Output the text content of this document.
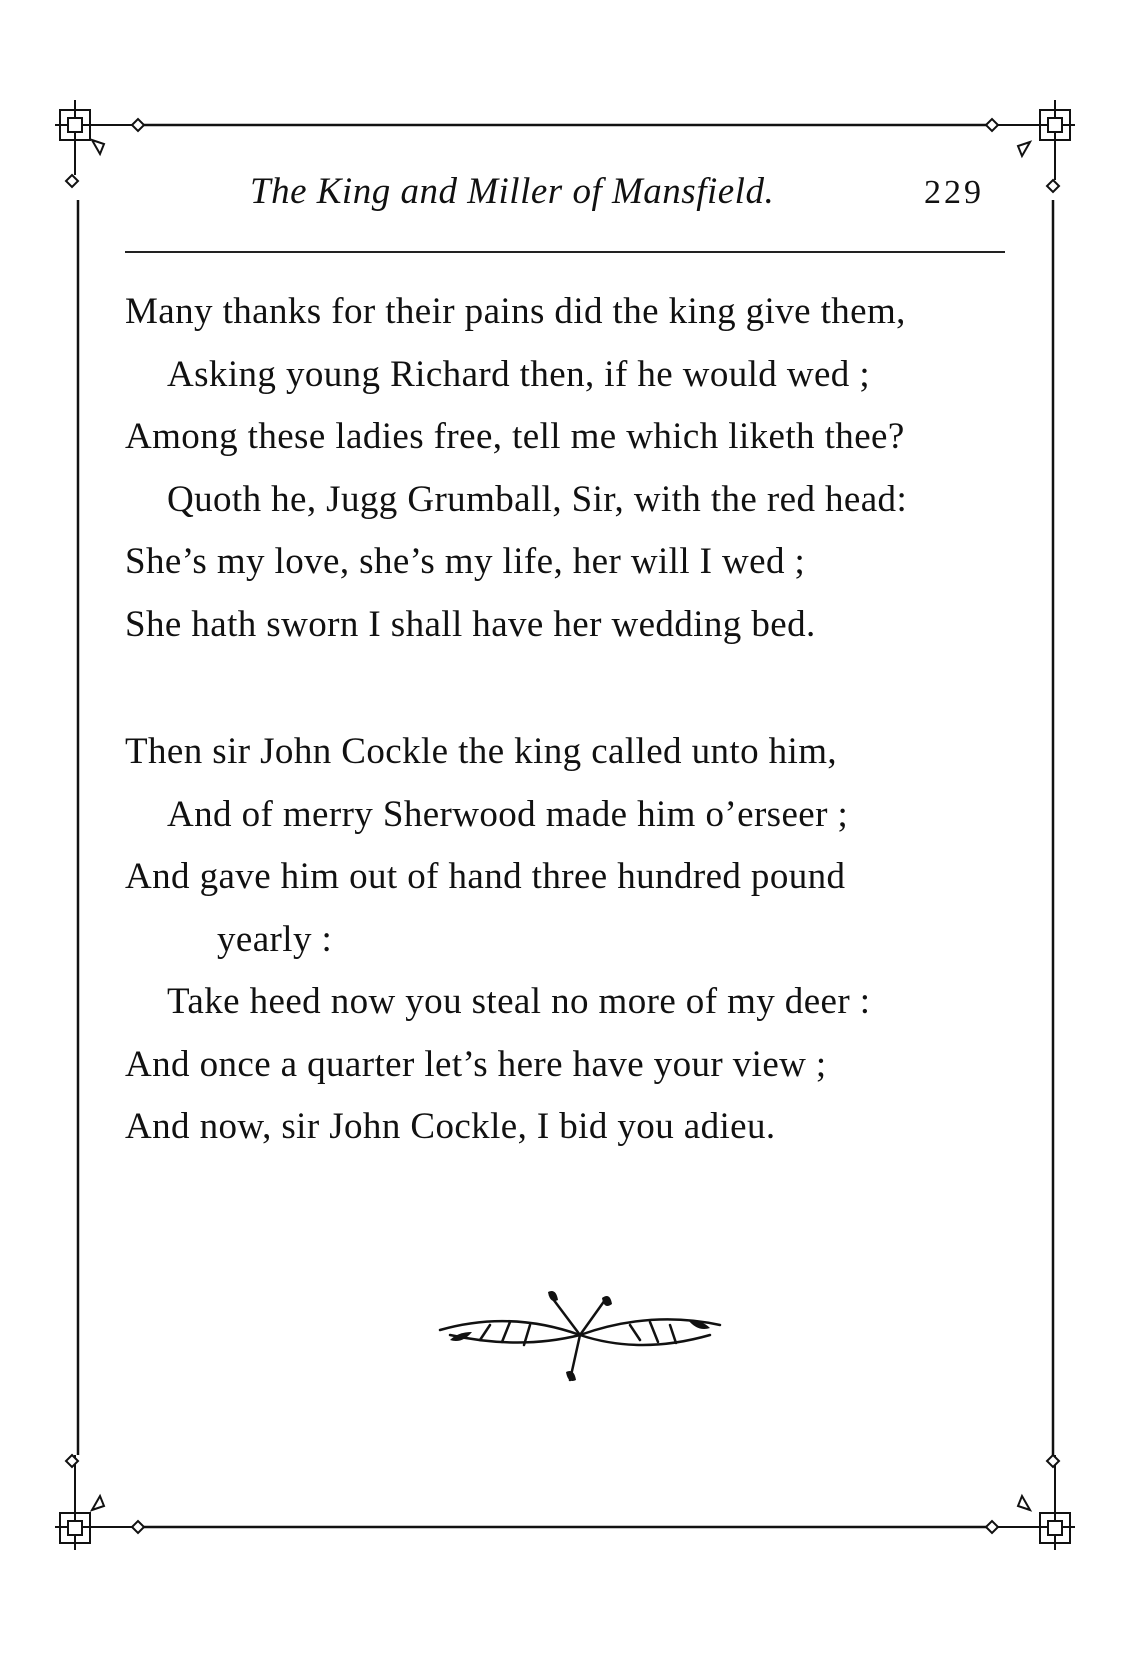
The King and Miller of Mansfield.	229
Many thanks for their pains did the king give them,
Asking young Richard then, if he would wed ;
Among these ladies free, tell me which liketh thee?
Quoth he, Jugg Grumball, Sir, with the red head:
She’s my love, she’s my life, her will I wed ;
She hath sworn I shall have her wedding bed.
Then sir John Cockle the king called unto him,
And of merry Sherwood made him o’erseer ;
And gave him out of hand three hundred pound
yearly :
Take heed now you steal no more of my deer :
And once a quarter let’s here have your view ;
And now, sir John Cockle, I bid you adieu.
